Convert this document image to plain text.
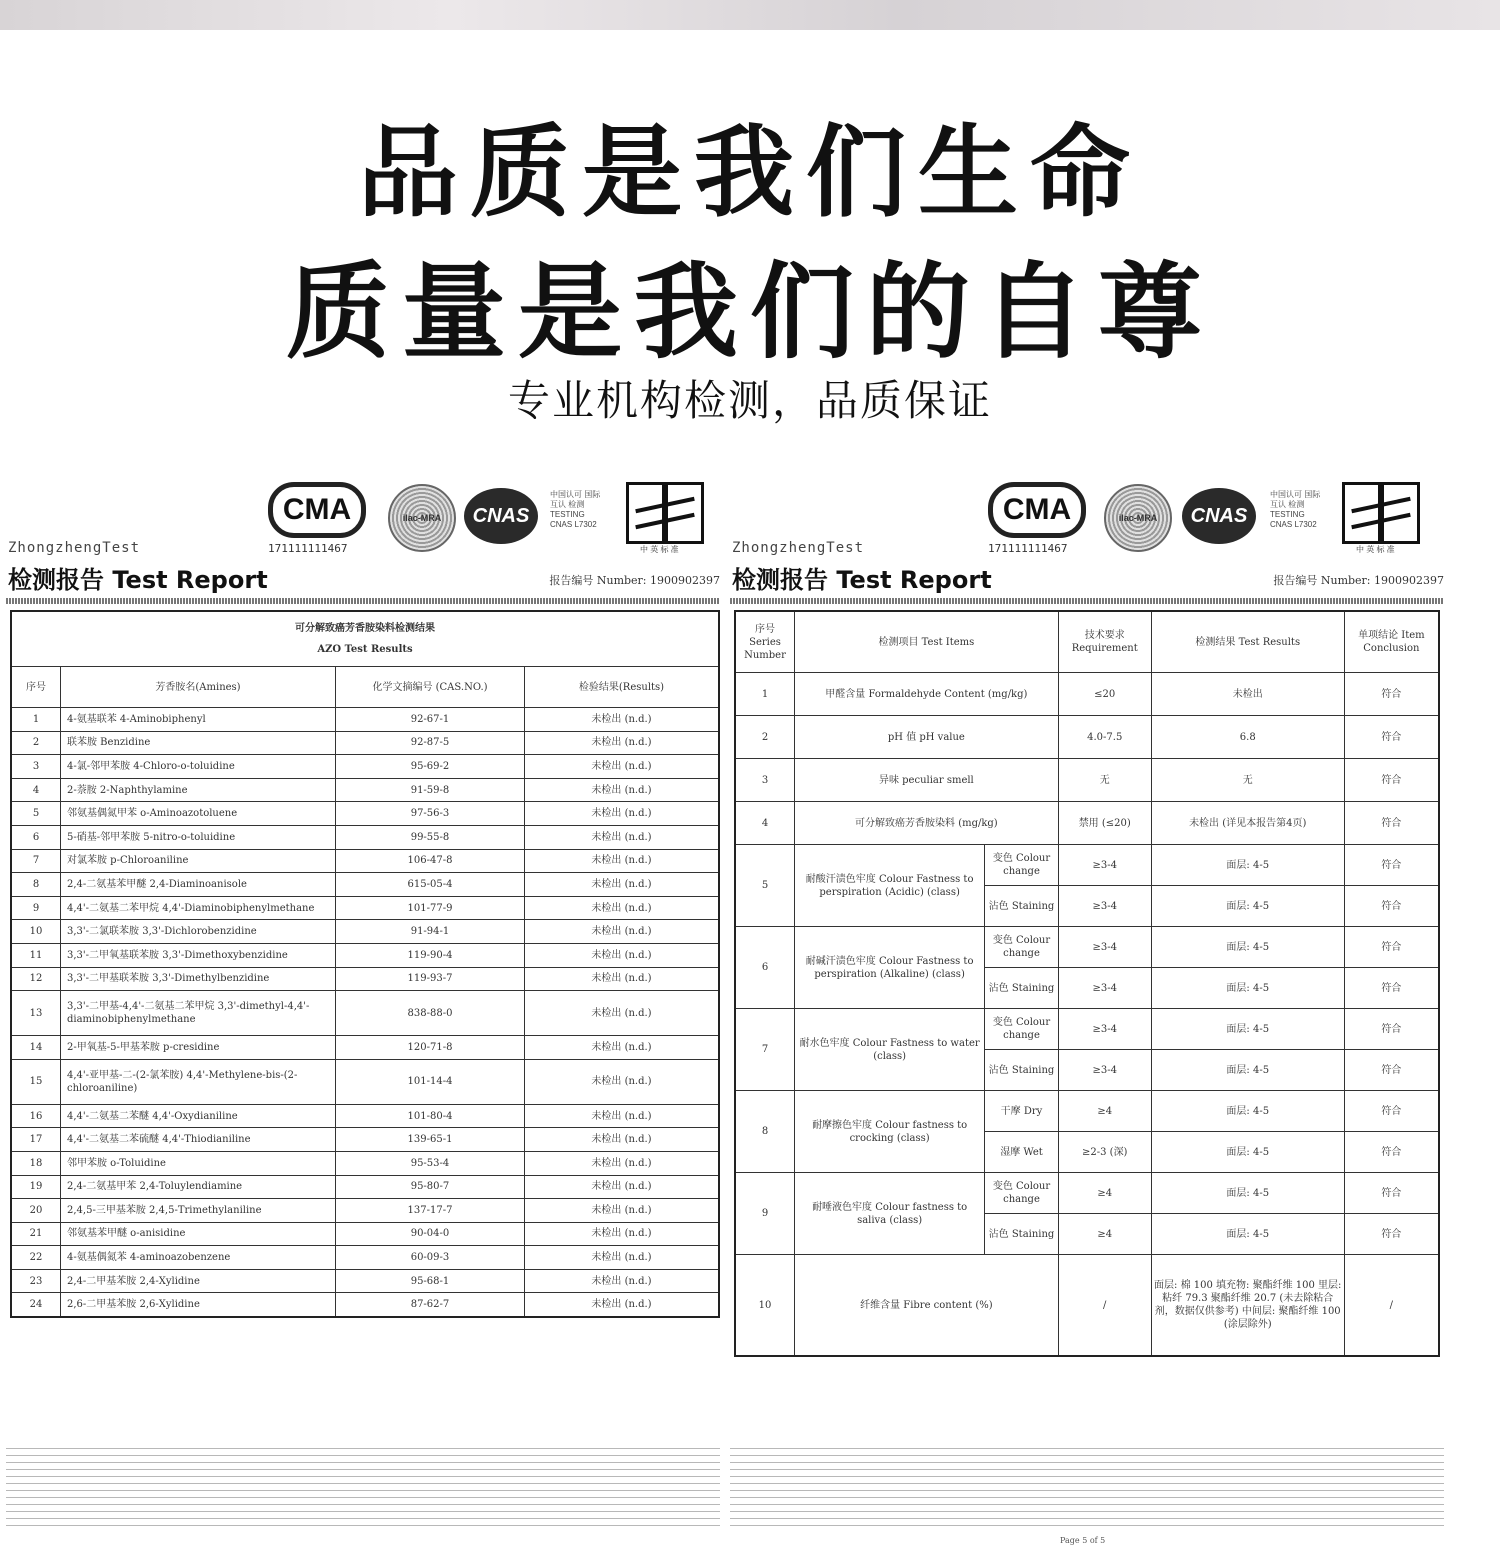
品质是我们生命
质量是我们的自尊
专业机构检测，品质保证
CMA
171111111467
ilac-MRA	CNAS
中国认可 国际互认 检测 TESTING CNAS L7302
中 英 标 准
ZhongzhengTest
检测报告 Test Report	报告编号 Number: 1900902397
可分解致癌芳香胺染料检测结果
AZO Test Results			

序号	芳香胺名(Amines)	化学文摘编号 (CAS.NO.)	检验结果(Results)
1	4-氨基联苯 4-Aminobiphenyl	92-67-1	未检出 (n.d.)
2	联苯胺 Benzidine	92-87-5	未检出 (n.d.)
3	4-氯-邻甲苯胺 4-Chloro-o-toluidine	95-69-2	未检出 (n.d.)
4	2-萘胺 2-Naphthylamine	91-59-8	未检出 (n.d.)
5	邻氨基偶氮甲苯 o-Aminoazotoluene	97-56-3	未检出 (n.d.)
6	5-硝基-邻甲苯胺 5-nitro-o-toluidine	99-55-8	未检出 (n.d.)
7	对氯苯胺 p-Chloroaniline	106-47-8	未检出 (n.d.)
8	2,4-二氨基苯甲醚 2,4-Diaminoanisole	615-05-4	未检出 (n.d.)
9	4,4'-二氨基二苯甲烷 4,4'-Diaminobiphenylmethane	101-77-9	未检出 (n.d.)
10	3,3'-二氯联苯胺 3,3'-Dichlorobenzidine	91-94-1	未检出 (n.d.)
11	3,3'-二甲氧基联苯胺 3,3'-Dimethoxybenzidine	119-90-4	未检出 (n.d.)
12	3,3'-二甲基联苯胺 3,3'-Dimethylbenzidine	119-93-7	未检出 (n.d.)
13	3,3'-二甲基-4,4'-二氨基二苯甲烷 3,3'-dimethyl-4,4'-diaminobiphenylmethane	838-88-0	未检出 (n.d.)
14	2-甲氧基-5-甲基苯胺 p-cresidine	120-71-8	未检出 (n.d.)
15	4,4'-亚甲基-二-(2-氯苯胺) 4,4'-Methylene-bis-(2-chloroaniline)	101-14-4	未检出 (n.d.)
16	4,4'-二氨基二苯醚 4,4'-Oxydianiline	101-80-4	未检出 (n.d.)
17	4,4'-二氨基二苯硫醚 4,4'-Thiodianiline	139-65-1	未检出 (n.d.)
18	邻甲苯胺 o-Toluidine	95-53-4	未检出 (n.d.)
19	2,4-二氨基甲苯 2,4-Toluylendiamine	95-80-7	未检出 (n.d.)
20	2,4,5-三甲基苯胺 2,4,5-Trimethylaniline	137-17-7	未检出 (n.d.)
21	邻氨基苯甲醚 o-anisidine	90-04-0	未检出 (n.d.)
22	4-氨基偶氮苯 4-aminoazobenzene	60-09-3	未检出 (n.d.)
23	2,4-二甲基苯胺 2,4-Xylidine	95-68-1	未检出 (n.d.)
24	2,6-二甲基苯胺 2,6-Xylidine	87-62-7	未检出 (n.d.)
CMA
171111111467
ilac-MRA	CNAS
中国认可 国际互认 检测 TESTING CNAS L7302
中 英 标 准
ZhongzhengTest
检测报告 Test Report	报告编号 Number: 1900902397
序号 Series Number	检测项目 Test Items		技术要求 Requirement	检测结果 Test Results	单项结论 Item Conclusion
1	甲醛含量 Formaldehyde Content (mg/kg)		≤20	未检出	符合
2	pH 值 pH value		4.0-7.5	6.8	符合
3	异味 peculiar smell		无	无	符合
4	可分解致癌芳香胺染料 (mg/kg)		禁用 (≤20)	未检出 (详见本报告第4页)	符合
5	耐酸汗渍色牢度 Colour Fastness to perspiration (Acidic) (class)	变色 Colour change	≥3-4	面层: 4-5	符合
		沾色 Staining	≥3-4	面层: 4-5	符合
6	耐碱汗渍色牢度 Colour Fastness to perspiration (Alkaline) (class)	变色 Colour change	≥3-4	面层: 4-5	符合
		沾色 Staining	≥3-4	面层: 4-5	符合
7	耐水色牢度 Colour Fastness to water (class)	变色 Colour change	≥3-4	面层: 4-5	符合
		沾色 Staining	≥3-4	面层: 4-5	符合
8	耐摩擦色牢度 Colour fastness to crocking (class)	干摩 Dry	≥4	面层: 4-5	符合
		湿摩 Wet	≥2-3 (深)	面层: 4-5	符合
9	耐唾液色牢度 Colour fastness to saliva (class)	变色 Colour change	≥4	面层: 4-5	符合
		沾色 Staining	≥4	面层: 4-5	符合
10	纤维含量 Fibre content (%)		/	面层: 棉 100 填充物: 聚酯纤维 100 里层: 粘纤 79.3 聚酯纤维 20.7 (未去除粘合剂，数据仅供参考) 中间层: 聚酯纤维 100 (涂层除外)	/
Page 5 of 5
